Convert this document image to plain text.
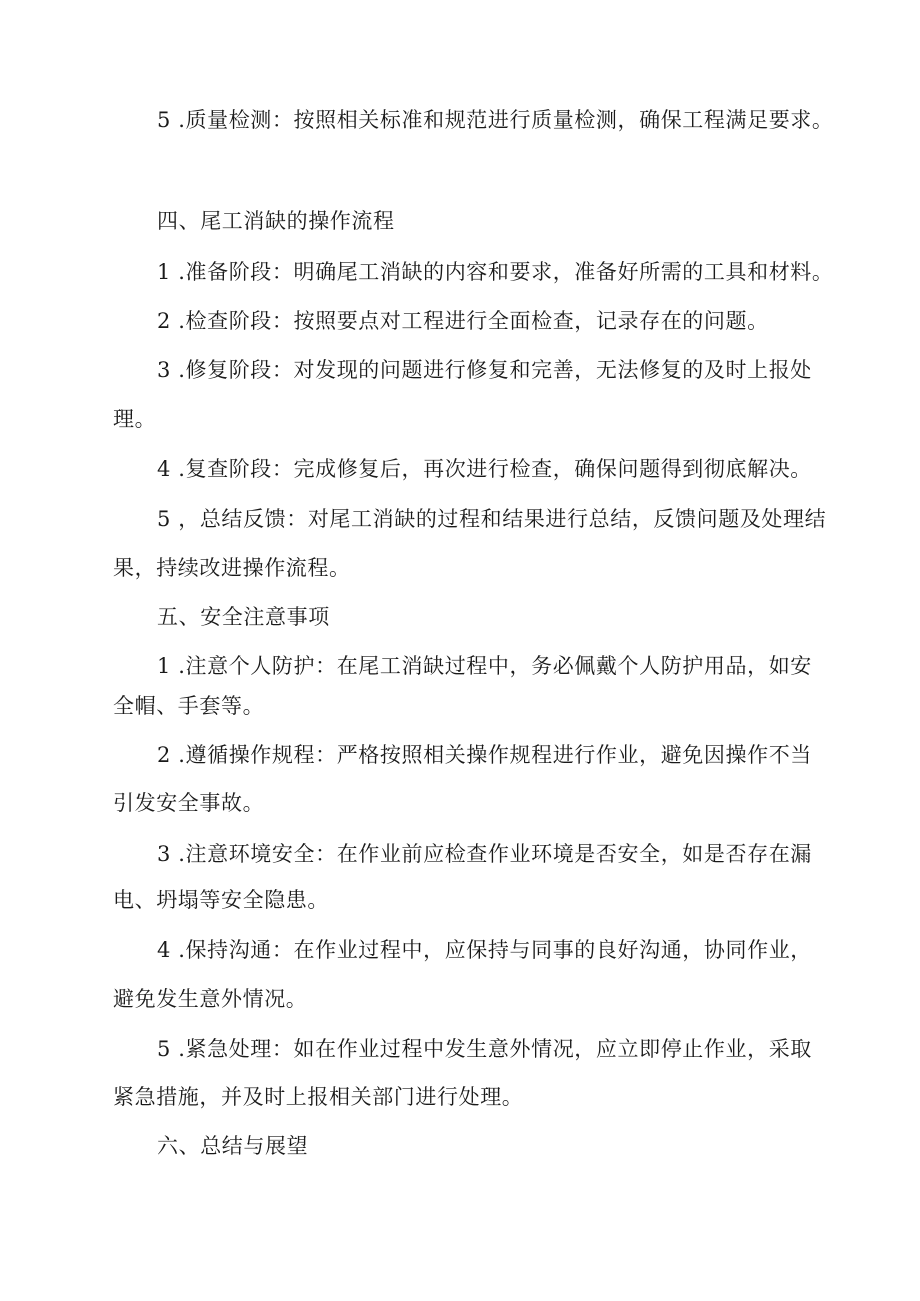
5 .质量检测：按照相关标准和规范进行质量检测，确保工程满足要求。
四、尾工消缺的操作流程
1 .准备阶段：明确尾工消缺的内容和要求，准备好所需的工具和材料。
2 .检查阶段：按照要点对工程进行全面检查，记录存在的问题。
3 .修复阶段：对发现的问题进行修复和完善，无法修复的及时上报处
理。
4 .复查阶段：完成修复后，再次进行检查，确保问题得到彻底解决。
5 ，总结反馈：对尾工消缺的过程和结果进行总结，反馈问题及处理结
果，持续改进操作流程。
五、安全注意事项
1 .注意个人防护：在尾工消缺过程中，务必佩戴个人防护用品，如安
全帽、手套等。
2 .遵循操作规程：严格按照相关操作规程进行作业，避免因操作不当
引发安全事故。
3 .注意环境安全：在作业前应检查作业环境是否安全，如是否存在漏
电、坍塌等安全隐患。
4 .保持沟通：在作业过程中，应保持与同事的良好沟通，协同作业，
避免发生意外情况。
5 .紧急处理：如在作业过程中发生意外情况，应立即停止作业，采取
紧急措施，并及时上报相关部门进行处理。
六、总结与展望
